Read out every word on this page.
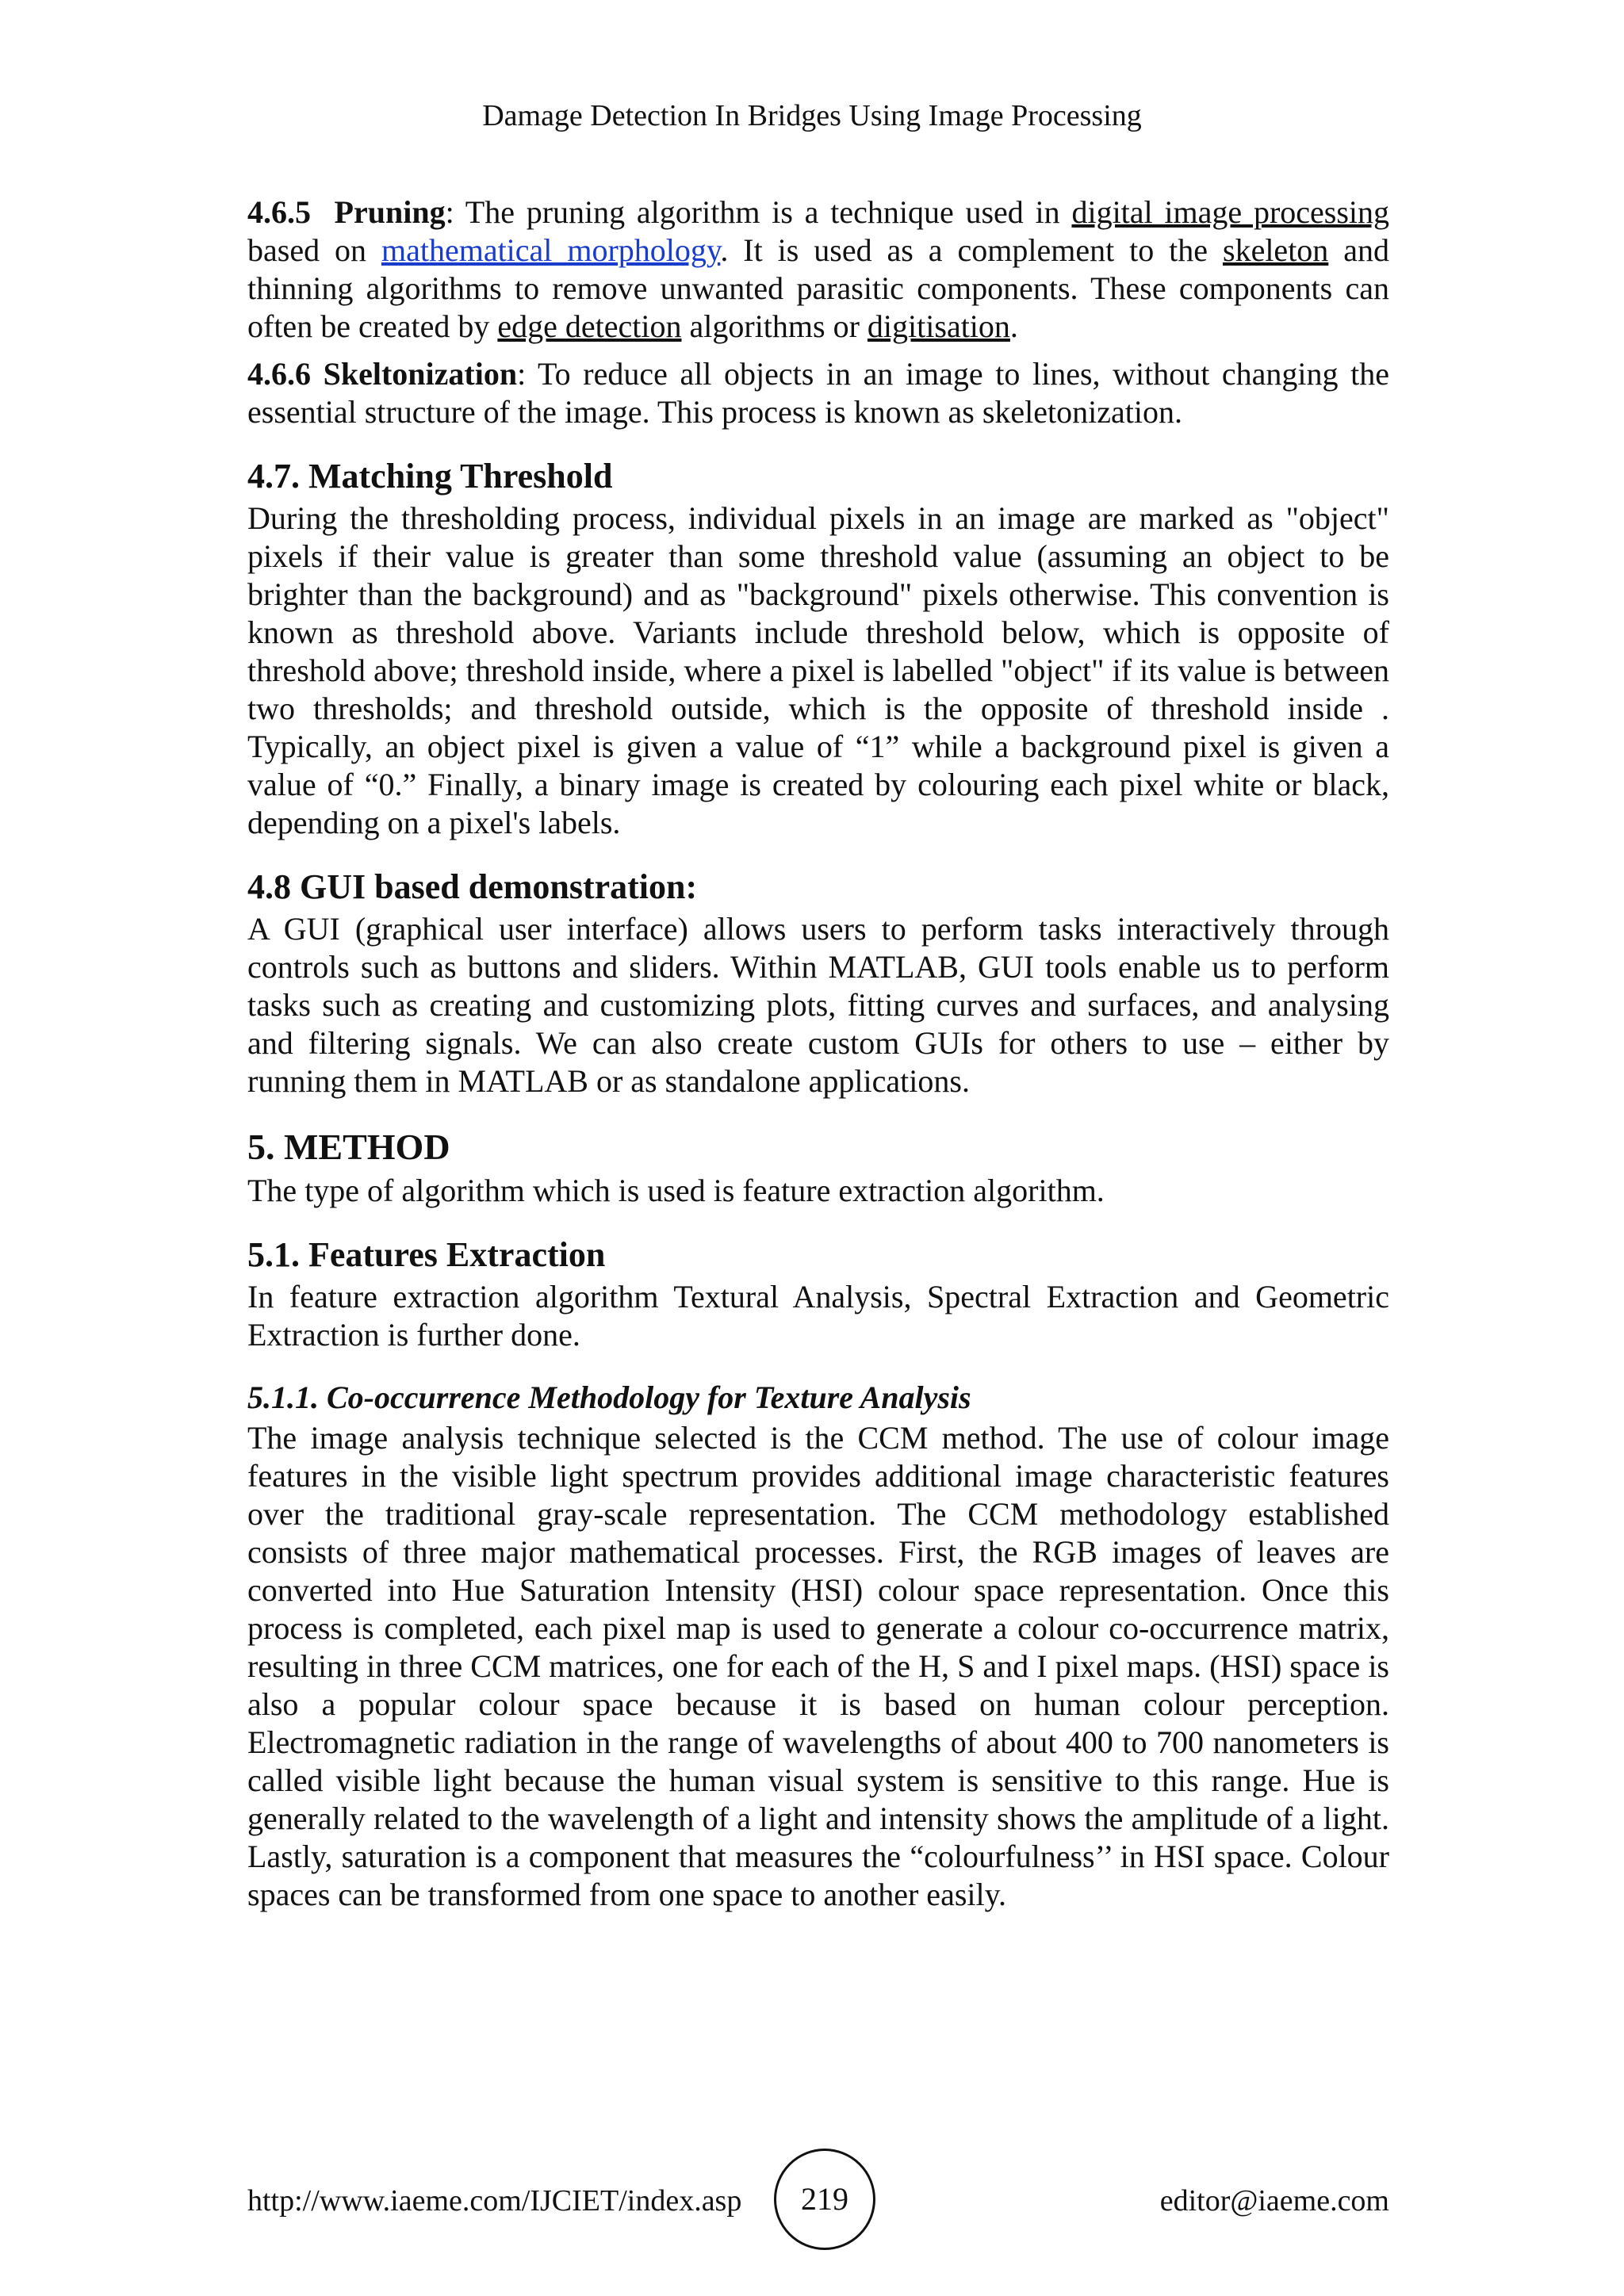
Damage Detection In Bridges Using Image Processing

4.6.5 Pruning: The pruning algorithm is a technique used in digital image processing based on mathematical morphology. It is used as a complement to the skeleton and thinning algorithms to remove unwanted parasitic components. These components can often be created by edge detection algorithms or digitisation.

4.6.6 Skeltonization: To reduce all objects in an image to lines, without changing the essential structure of the image. This process is known as skeletonization.

4.7. Matching Threshold

During the thresholding process, individual pixels in an image are marked as "object" pixels if their value is greater than some threshold value (assuming an object to be brighter than the background) and as "background" pixels otherwise. This convention is known as threshold above. Variants include threshold below, which is opposite of threshold above; threshold inside, where a pixel is labelled "object" if its value is between two thresholds; and threshold outside, which is the opposite of threshold inside . Typically, an object pixel is given a value of “1” while a background pixel is given a value of “0.” Finally, a binary image is created by colouring each pixel white or black, depending on a pixel's labels.

4.8 GUI based demonstration:

A GUI (graphical user interface) allows users to perform tasks interactively through controls such as buttons and sliders. Within MATLAB, GUI tools enable us to perform tasks such as creating and customizing plots, fitting curves and surfaces, and analysing and filtering signals. We can also create custom GUIs for others to use – either by running them in MATLAB or as standalone applications.

5. METHOD

The type of algorithm which is used is feature extraction algorithm.

5.1. Features Extraction

In feature extraction algorithm Textural Analysis, Spectral Extraction and Geometric Extraction is further done.

5.1.1. Co-occurrence Methodology for Texture Analysis

The image analysis technique selected is the CCM method. The use of colour image features in the visible light spectrum provides additional image characteristic features over the traditional gray-scale representation. The CCM methodology established consists of three major mathematical processes. First, the RGB images of leaves are converted into Hue Saturation Intensity (HSI) colour space representation. Once this process is completed, each pixel map is used to generate a colour co-occurrence matrix, resulting in three CCM matrices, one for each of the H, S and I pixel maps. (HSI) space is also a popular colour space because it is based on human colour perception. Electromagnetic radiation in the range of wavelengths of about 400 to 700 nanometers is called visible light because the human visual system is sensitive to this range. Hue is generally related to the wavelength of a light and intensity shows the amplitude of a light. Lastly, saturation is a component that measures the “colourfulness’’ in HSI space. Colour spaces can be transformed from one space to another easily.

http://www.iaeme.com/IJCIET/index.asp	219	editor@iaeme.com
